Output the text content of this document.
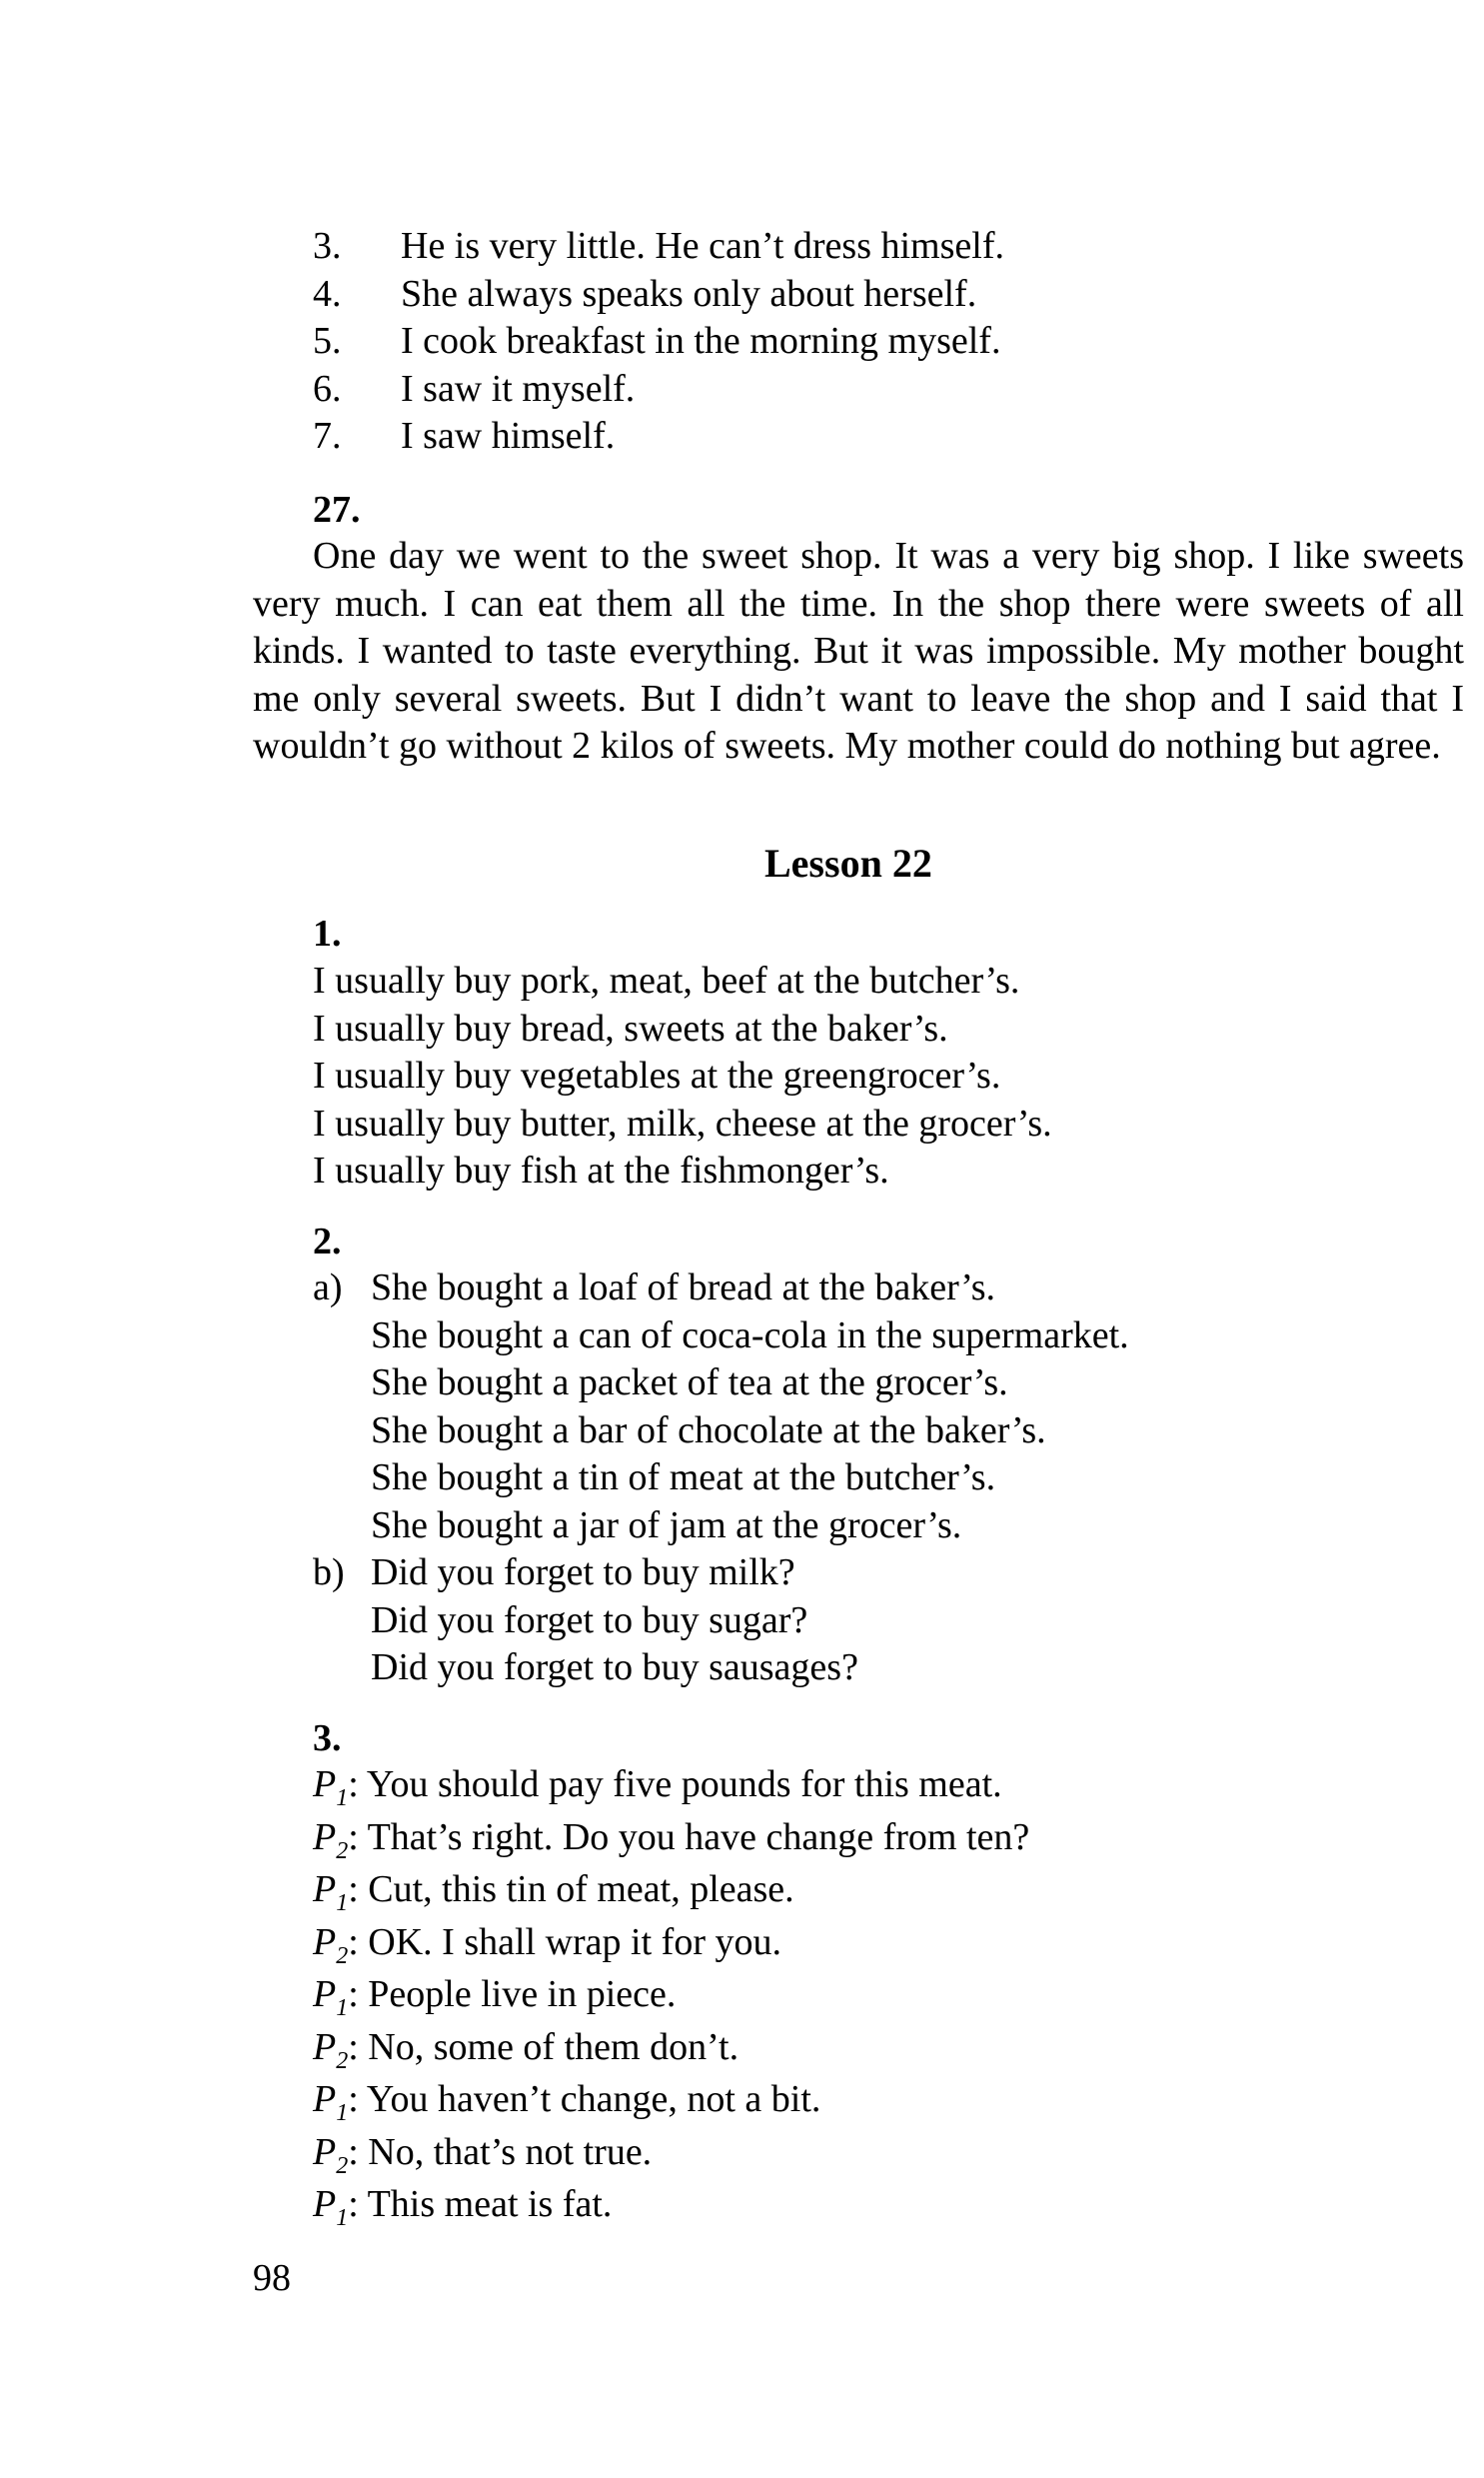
3. He is very little. He can’t dress himself.

4. She always speaks only about herself.

5. I cook breakfast in the morning myself.

6. I saw it myself.

7. I saw himself.

27.
One day we went to the sweet shop. It was a very big shop. I like sweets very much. I can eat them all the time. In the shop there were sweets of all kinds. I wanted to taste everything. But it was impossible. My mother bought me only several sweets. But I didn’t want to leave the shop and I said that I wouldn’t go without 2 kilos of sweets. My mother could do nothing but agree.
Lesson 22
1.

I usually buy pork, meat, beef at the butcher’s.

I usually buy bread, sweets at the baker’s.

I usually buy vegetables at the greengrocer’s.

I usually buy butter, milk, cheese at the grocer’s.

I usually buy fish at the fishmonger’s.

2.

a) She bought a loaf of bread at the baker’s.

She bought a can of coca-cola in the supermarket.

She bought a packet of tea at the grocer’s.

She bought a bar of chocolate at the baker’s.

She bought a tin of meat at the butcher’s.

She bought a jar of jam at the grocer’s.

b) Did you forget to buy milk?

Did you forget to buy sugar?

Did you forget to buy sausages?

3.

$P_1$: You should pay five pounds for this meat.

$P_2$: That’s right. Do you have change from ten?

$P_1$: Cut, this tin of meat, please.

$P_2$: OK. I shall wrap it for you.

$P_1$: People live in piece.

$P_2$: No, some of them don’t.

$P_1$: You haven’t change, not a bit.

$P_2$: No, that’s not true.

$P_1$: This meat is fat.

98
